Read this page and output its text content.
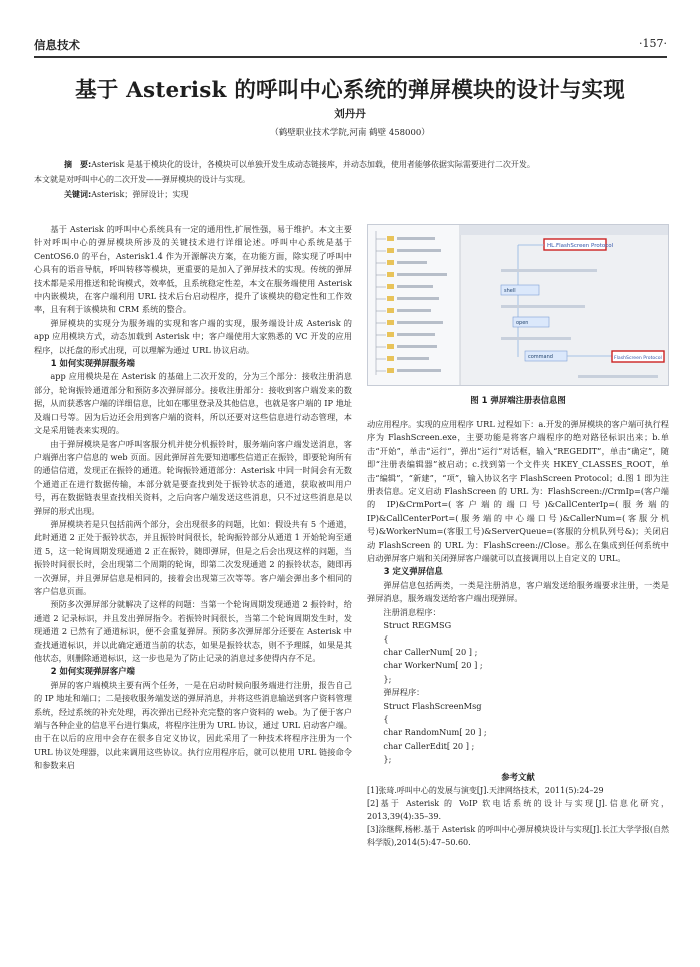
信息技术	·157·
基于 Asterisk 的呼叫中心系统的弹屏模块的设计与实现
刘丹丹
（鹤壁职业技术学院,河南 鹤壁 458000）

摘　要:Asterisk 是基于模块化的设计，各模块可以单独开发生成动态链接库，并动态加载，使用者能够依据实际需要进行二次开发。

本文就是对呼叫中心的二次开发——弹屏模块的设计与实现。

关键词:Asterisk；弹屏设计；实现

基于 Asterisk 的呼叫中心系统具有一定的通用性,扩展性强，易于维护。本文主要针对呼叫中心的弹屏模块所涉及的关键技术进行详细论述。呼叫中心系统是基于 CentOS6.0 的平台，Asterisk1.4 作为开源解决方案，在功能方面，除实现了呼叫中心具有的语音导航，呼叫转移等模块，更重要的是加入了弹屏技术的实现。传统的弹屏技术都是采用推送和轮询模式，效率低，且系统稳定性差，本文在服务端使用 Asterisk 中内嵌模块，在客户端利用 URL 技术后台启动程序，提升了该模块的稳定性和工作效率，且有利于该模块和 CRM 系统的整合。

弹屏模块的实现分为服务端的实现和客户端的实现，服务端设计成 Asterisk 的 app 应用模块方式，动态加载到 Asterisk 中；客户端使用大家熟悉的 VC 开发的应用程序，以托盘的形式出现，可以理解为通过 URL 协议启动。

1 如何实现弹屏服务端

app 应用模块是在 Asterisk 的基础上二次开发的，分为三个部分：接收注册消息部分，轮询振铃通道部分和预防多次弹屏部分。接收注册部分：接收到客户端发来的数据，从而获悉客户端的详细信息，比如在哪里登录及其他信息，也就是客户端的 IP 地址及端口号等。因为后边还会用到客户端的资料，所以还要对这些信息进行动态管理，本文是采用链表来实现的。

由于弹屏模块是客户呼叫客服分机并使分机振铃时，服务端向客户端发送消息，客户端弹出客户信息的 web 页面。因此弹屏首先要知道哪些信道正在振铃，即要轮询所有的通信信道，发现正在振铃的通道。轮询振铃通道部分：Asterisk 中同一时间会有无数个通道正在进行数据传输，本部分就是要查找到处于振铃状态的通道，获取被叫用户号，再在数据链表里查找相关资料，之后向客户端发送这些消息，只不过这些消息是以弹屏的形式出现。

弹屏模块若是只包括前两个部分，会出现很多的问题，比如：假设共有 5 个通道，此时通道 2 正处于振铃状态，并且振铃时间很长，轮询振铃部分从通道 1 开始轮询至通道 5，这一轮询周期发现通道 2 正在振铃，随即弹屏，但是之后会出现这样的问题，当振铃时间很长时，会出现第二个周期的轮询，即第二次发现通道 2 的振铃状态，随即再一次弹屏，并且弹屏信息是相同的，接着会出现第三次等等。客户端会弹出多个相同的客户信息页面。

预防多次弹屏部分就解决了这样的问题：当第一个轮询周期发现通道 2 振铃时，给通道 2 记录标识，并且发出弹屏指令。若振铃时间很长，当第二个轮询周期发生时，发现通道 2 已然有了通道标识，便不会重复弹屏。预防多次弹屏部分还要在 Asterisk 中查找通道标识，并以此确定通道当前的状态，如果是振铃状态，则不予理睬，如果是其他状态，则删除通道标识，这一步也是为了防止记录的消息过多使得内存不足。

2 如何实现弹屏客户端

弹屏的客户端模块主要有两个任务，一是在启动时候向服务端进行注册，报告自己的 IP 地址和端口；二是接收服务端发送的弹屏消息，并将这些消息输送到客户资料管理系统，经过系统的补充处理，再次弹出已经补充完整的客户资料的 web。为了便于客户端与各种企业的信息平台进行集成，将程序注册为 URL 协议，通过 URL 启动客户端。由于在以后的应用中会存在很多自定义协议，因此采用了一种技术将程序注册为一个 URL 协议处理器，以此来调用这些协议。执行应用程序后，就可以使用 URL 链接命令和参数来启

HL.FlashScreen Protocol
shell
open
command	FlashScreen Protocol
图 1 弹屏端注册表信息图

动应用程序。实现的应用程序 URL 过程如下：a.开发的弹屏模块的客户端可执行程序为 FlashScreen.exe，主要功能是将客户端程序的绝对路径标识出来；b.单击“开始”，单击“运行”，弹出“运行”对话框，输入“REGEDIT”，单击“确定”，随即“注册表编辑器”被启动；c.找到第一个文件夹 HKEY_CLASSES_ROOT，单击“编辑”，“新建”，“项”，输入协议名字 FlashScreen Protocol；d.图 1 即为注册表信息。定义启动 FlashScreen 的 URL 为：FlashScreen://CrmIp=(客户端的 IP)&CrmPort=(客户端的端口号)&CallCenterIp=(服务端的 IP)&CallCenterPort=(服务端的中心端口号)&CallerNum=(客服分机号)&WorkerNum=(客服工号)&ServerQueue=(客服的分机队列号&)；关闭启动 FlashScreen 的 URL 为：FlashScreen://Close。那么在集成到任何系统中启动弹屏客户端和关闭弹屏客户端就可以直接调用以上自定义的 URL。

3 定义弹屏信息

弹屏信息包括两类，一类是注册消息，客户端发送给服务端要求注册，一类是弹屏消息，服务端发送给客户端出现弹屏。

注册消息程序：
Struct REGMSG
{
char CallerNum[ 20 ] ;
char WorkerNum[ 20 ] ;
};
弹屏程序：
Struct FlashScreenMsg
{
char RandomNum[ 20 ] ;
char CallerEdit[ 20 ] ;
};
参考文献

[1]张琦.呼叫中心的发展与演变[J].天津网络技术，2011(5):24–29

[2]基于 Asterisk 的 VoIP 软电话系统的设计与实现[J].信息化研究，2013,39(4):35–39.

[3]涂继辉,杨彬.基于 Asterisk 的呼叫中心弹屏模块设计与实现[J].长江大学学报(自然科学版),2014(5):47–50.60.
